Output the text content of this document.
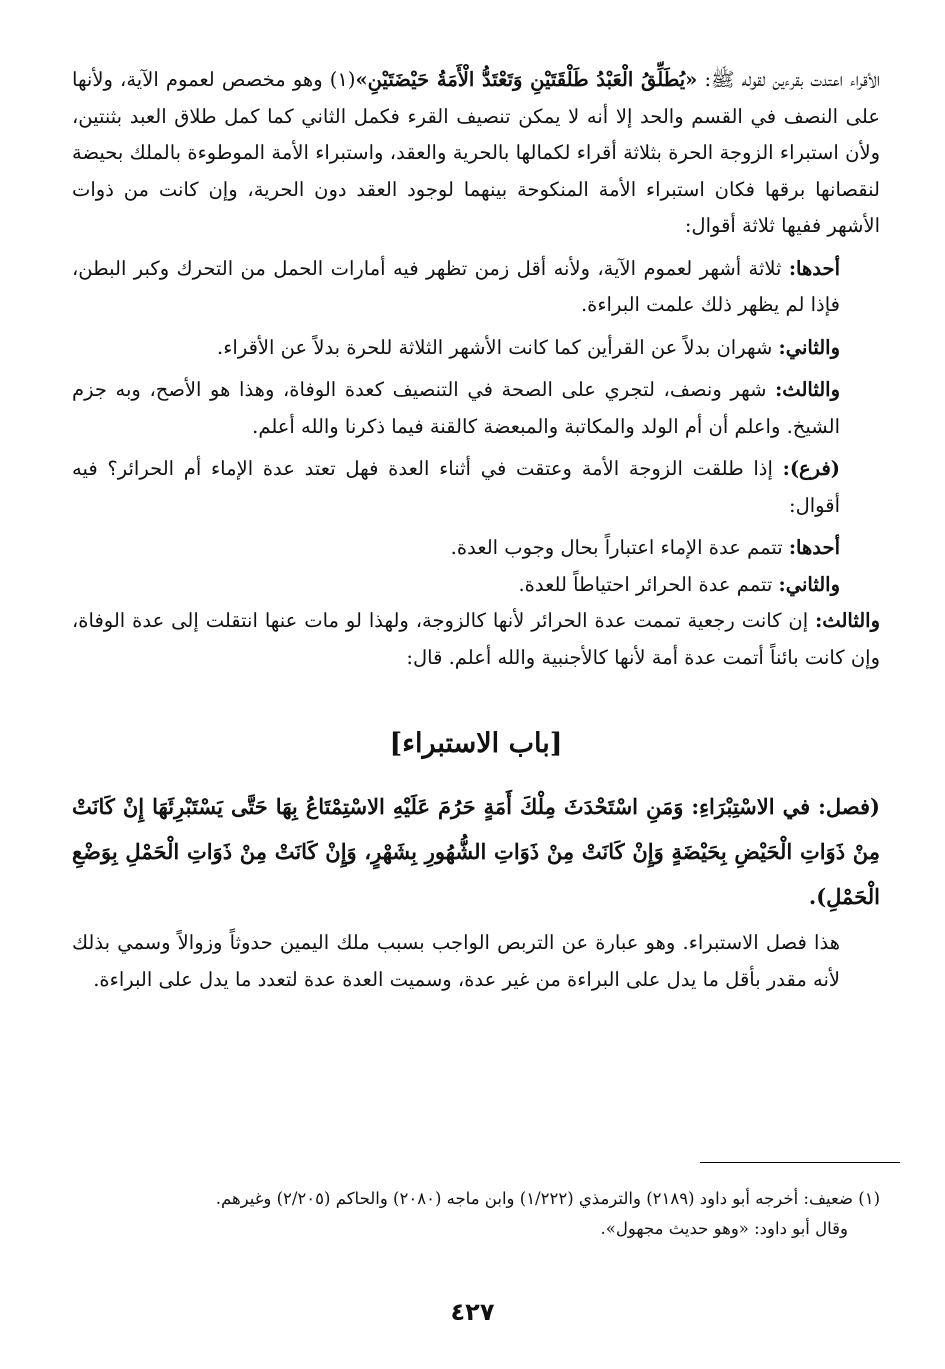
الأقراء اعتدت بقرءين لقوله ﷺ: «يُطَلِّقُ الْعَبْدُ طَلْقَتَيْنِ وَتَعْتَدُّ الْأَمَةُ حَيْضَتَيْنِ»(١) وهو مخصص لعموم الآية، ولأنها على النصف في القسم والحد إلا أنه لا يمكن تنصيف القرء فكمل الثاني كما كمل طلاق العبد بثنتين، ولأن استبراء الزوجة الحرة بثلاثة أقراء لكمالها بالحرية والعقد، واستبراء الأمة الموطوءة بالملك بحيضة لنقصانها برقها فكان استبراء الأمة المنكوحة بينهما لوجود العقد دون الحرية، وإن كانت من ذوات الأشهر ففيها ثلاثة أقوال:

أحدها: ثلاثة أشهر لعموم الآية، ولأنه أقل زمن تظهر فيه أمارات الحمل من التحرك وكبر البطن، فإذا لم يظهر ذلك علمت البراءة.

والثاني: شهران بدلاً عن القرأين كما كانت الأشهر الثلاثة للحرة بدلاً عن الأقراء.

والثالث: شهر ونصف، لتجري على الصحة في التنصيف كعدة الوفاة، وهذا هو الأصح، وبه جزم الشيخ. واعلم أن أم الولد والمكاتبة والمبعضة كالقنة فيما ذكرنا والله أعلم.

(فرع): إذا طلقت الزوجة الأمة وعتقت في أثناء العدة فهل تعتد عدة الإماء أم الحرائر؟ فيه أقوال:

أحدها: تتمم عدة الإماء اعتباراً بحال وجوب العدة.

والثاني: تتمم عدة الحرائر احتياطاً للعدة.

والثالث: إن كانت رجعية تممت عدة الحرائر لأنها كالزوجة، ولهذا لو مات عنها انتقلت إلى عدة الوفاة، وإن كانت بائناً أتمت عدة أمة لأنها كالأجنبية والله أعلم. قال:

[باب الاستبراء]

(فصل: في الاسْتِبْرَاءِ: وَمَنِ اسْتَحْدَثَ مِلْكَ أَمَةٍ حَرُمَ عَلَيْهِ الاسْتِمْتَاعُ بِهَا حَتَّى يَسْتَبْرِئَهَا إِنْ كَانَتْ مِنْ ذَوَاتِ الْحَيْضِ بِحَيْضَةٍ وَإِنْ كَانَتْ مِنْ ذَوَاتِ الشُّهُورِ بِشَهْرٍ، وَإِنْ كَانَتْ مِنْ ذَوَاتِ الْحَمْلِ بِوَضْعِ الْحَمْلِ).

هذا فصل الاستبراء. وهو عبارة عن التربص الواجب بسبب ملك اليمين حدوثاً وزوالاً وسمي بذلك لأنه مقدر بأقل ما يدل على البراءة من غير عدة، وسميت العدة عدة لتعدد ما يدل على البراءة.

(١) ضعيف: أخرجه أبو داود (٢١٨٩) والترمذي (١/٢٢٢) وابن ماجه (٢٠٨٠) والحاكم (٢/٢٠٥) وغيرهم.

وقال أبو داود: «وهو حديث مجهول».

٤٢٧
